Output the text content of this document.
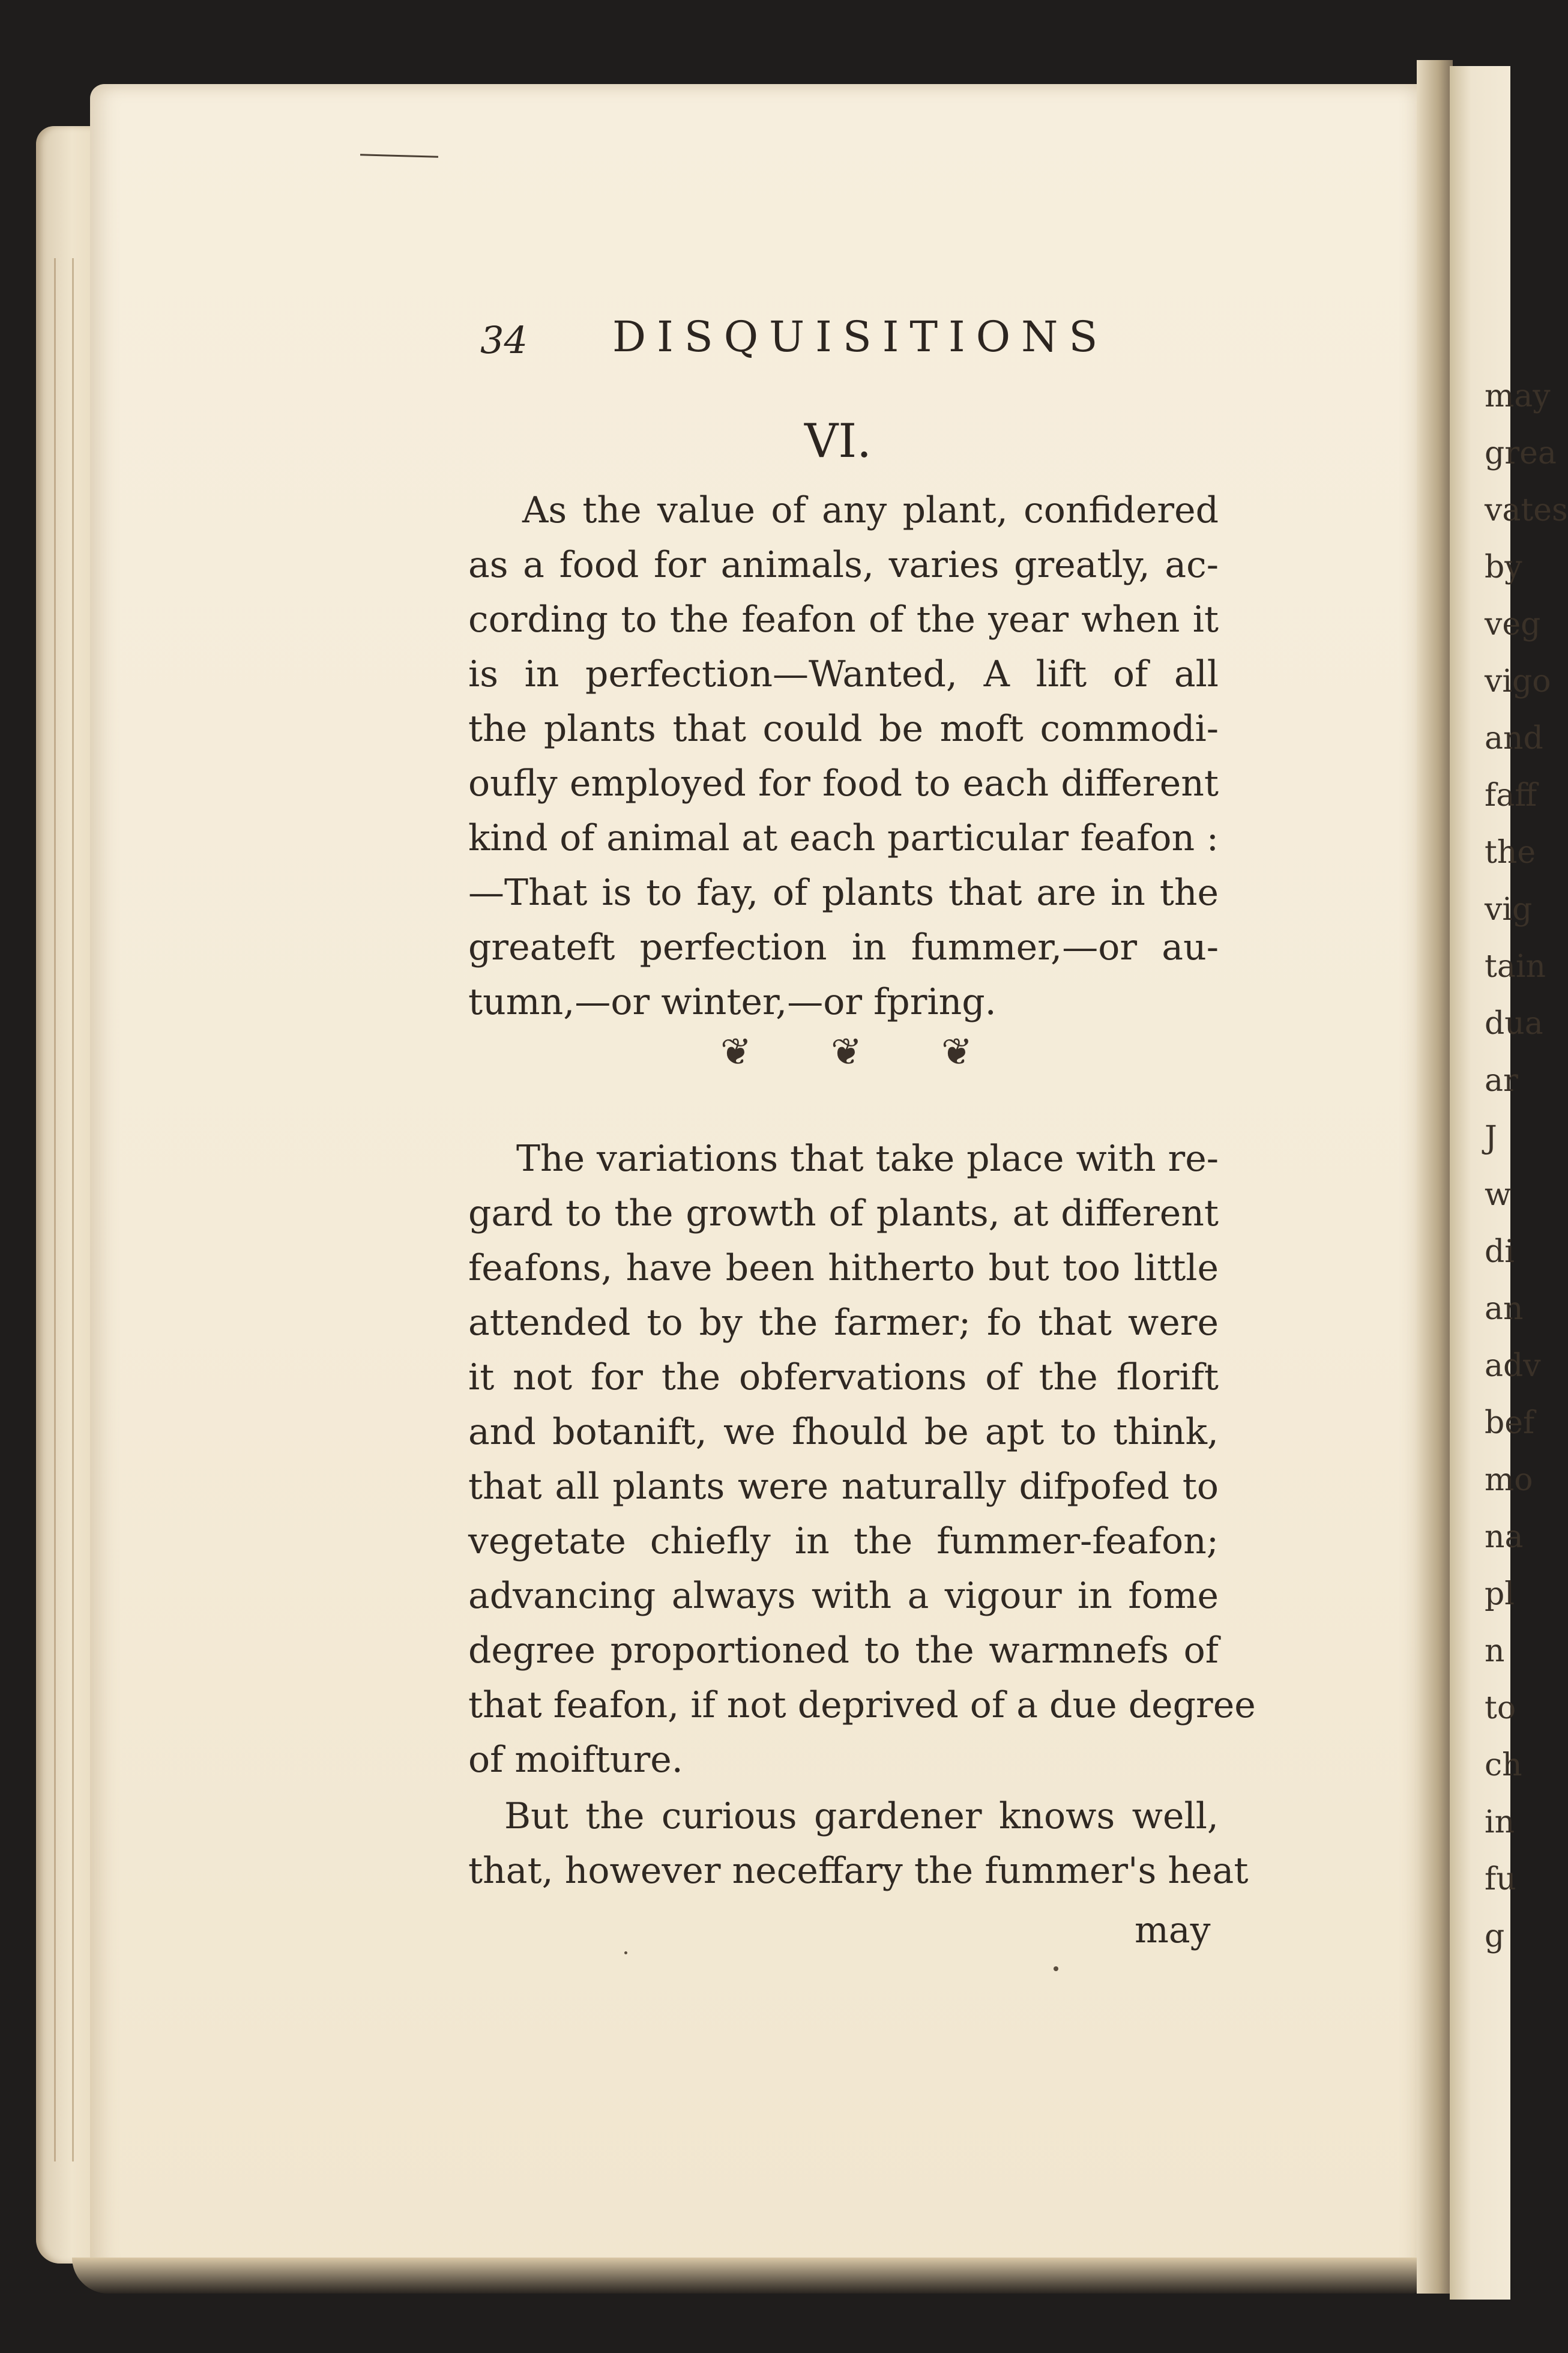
may
grea
vates
by
veg
vigo
and
faff
the
vig
tain
dua
ar
J
w
di
an
adv
bef
mo
na
pl
n
to
ch
in
fu
g
34 DISQUISITIONS
VI.
As the value of any plant, confidered
as a food for animals, varies greatly, ac-
cording to the feafon of the year when it
is in perfection—Wanted, A lift of all
the plants that could be moft commodi-
oufly employed for food to each different
kind of animal at each particular feafon :
—That is to fay, of plants that are in the
greateft perfection in fummer,—or au-
tumn,—or winter,—or fpring.
❦ ❦ ❦
The variations that take place with re-
gard to the growth of plants, at different
feafons, have been hitherto but too little
attended to by the farmer; fo that were
it not for the obfervations of the florift
and botanift, we fhould be apt to think,
that all plants were naturally difpofed to
vegetate chiefly in the fummer-feafon;
advancing always with a vigour in fome
degree proportioned to the warmnefs of
that feafon, if not deprived of a due degree
of moifture.
But the curious gardener knows well,
that, however neceffary the fummer's heat
may
